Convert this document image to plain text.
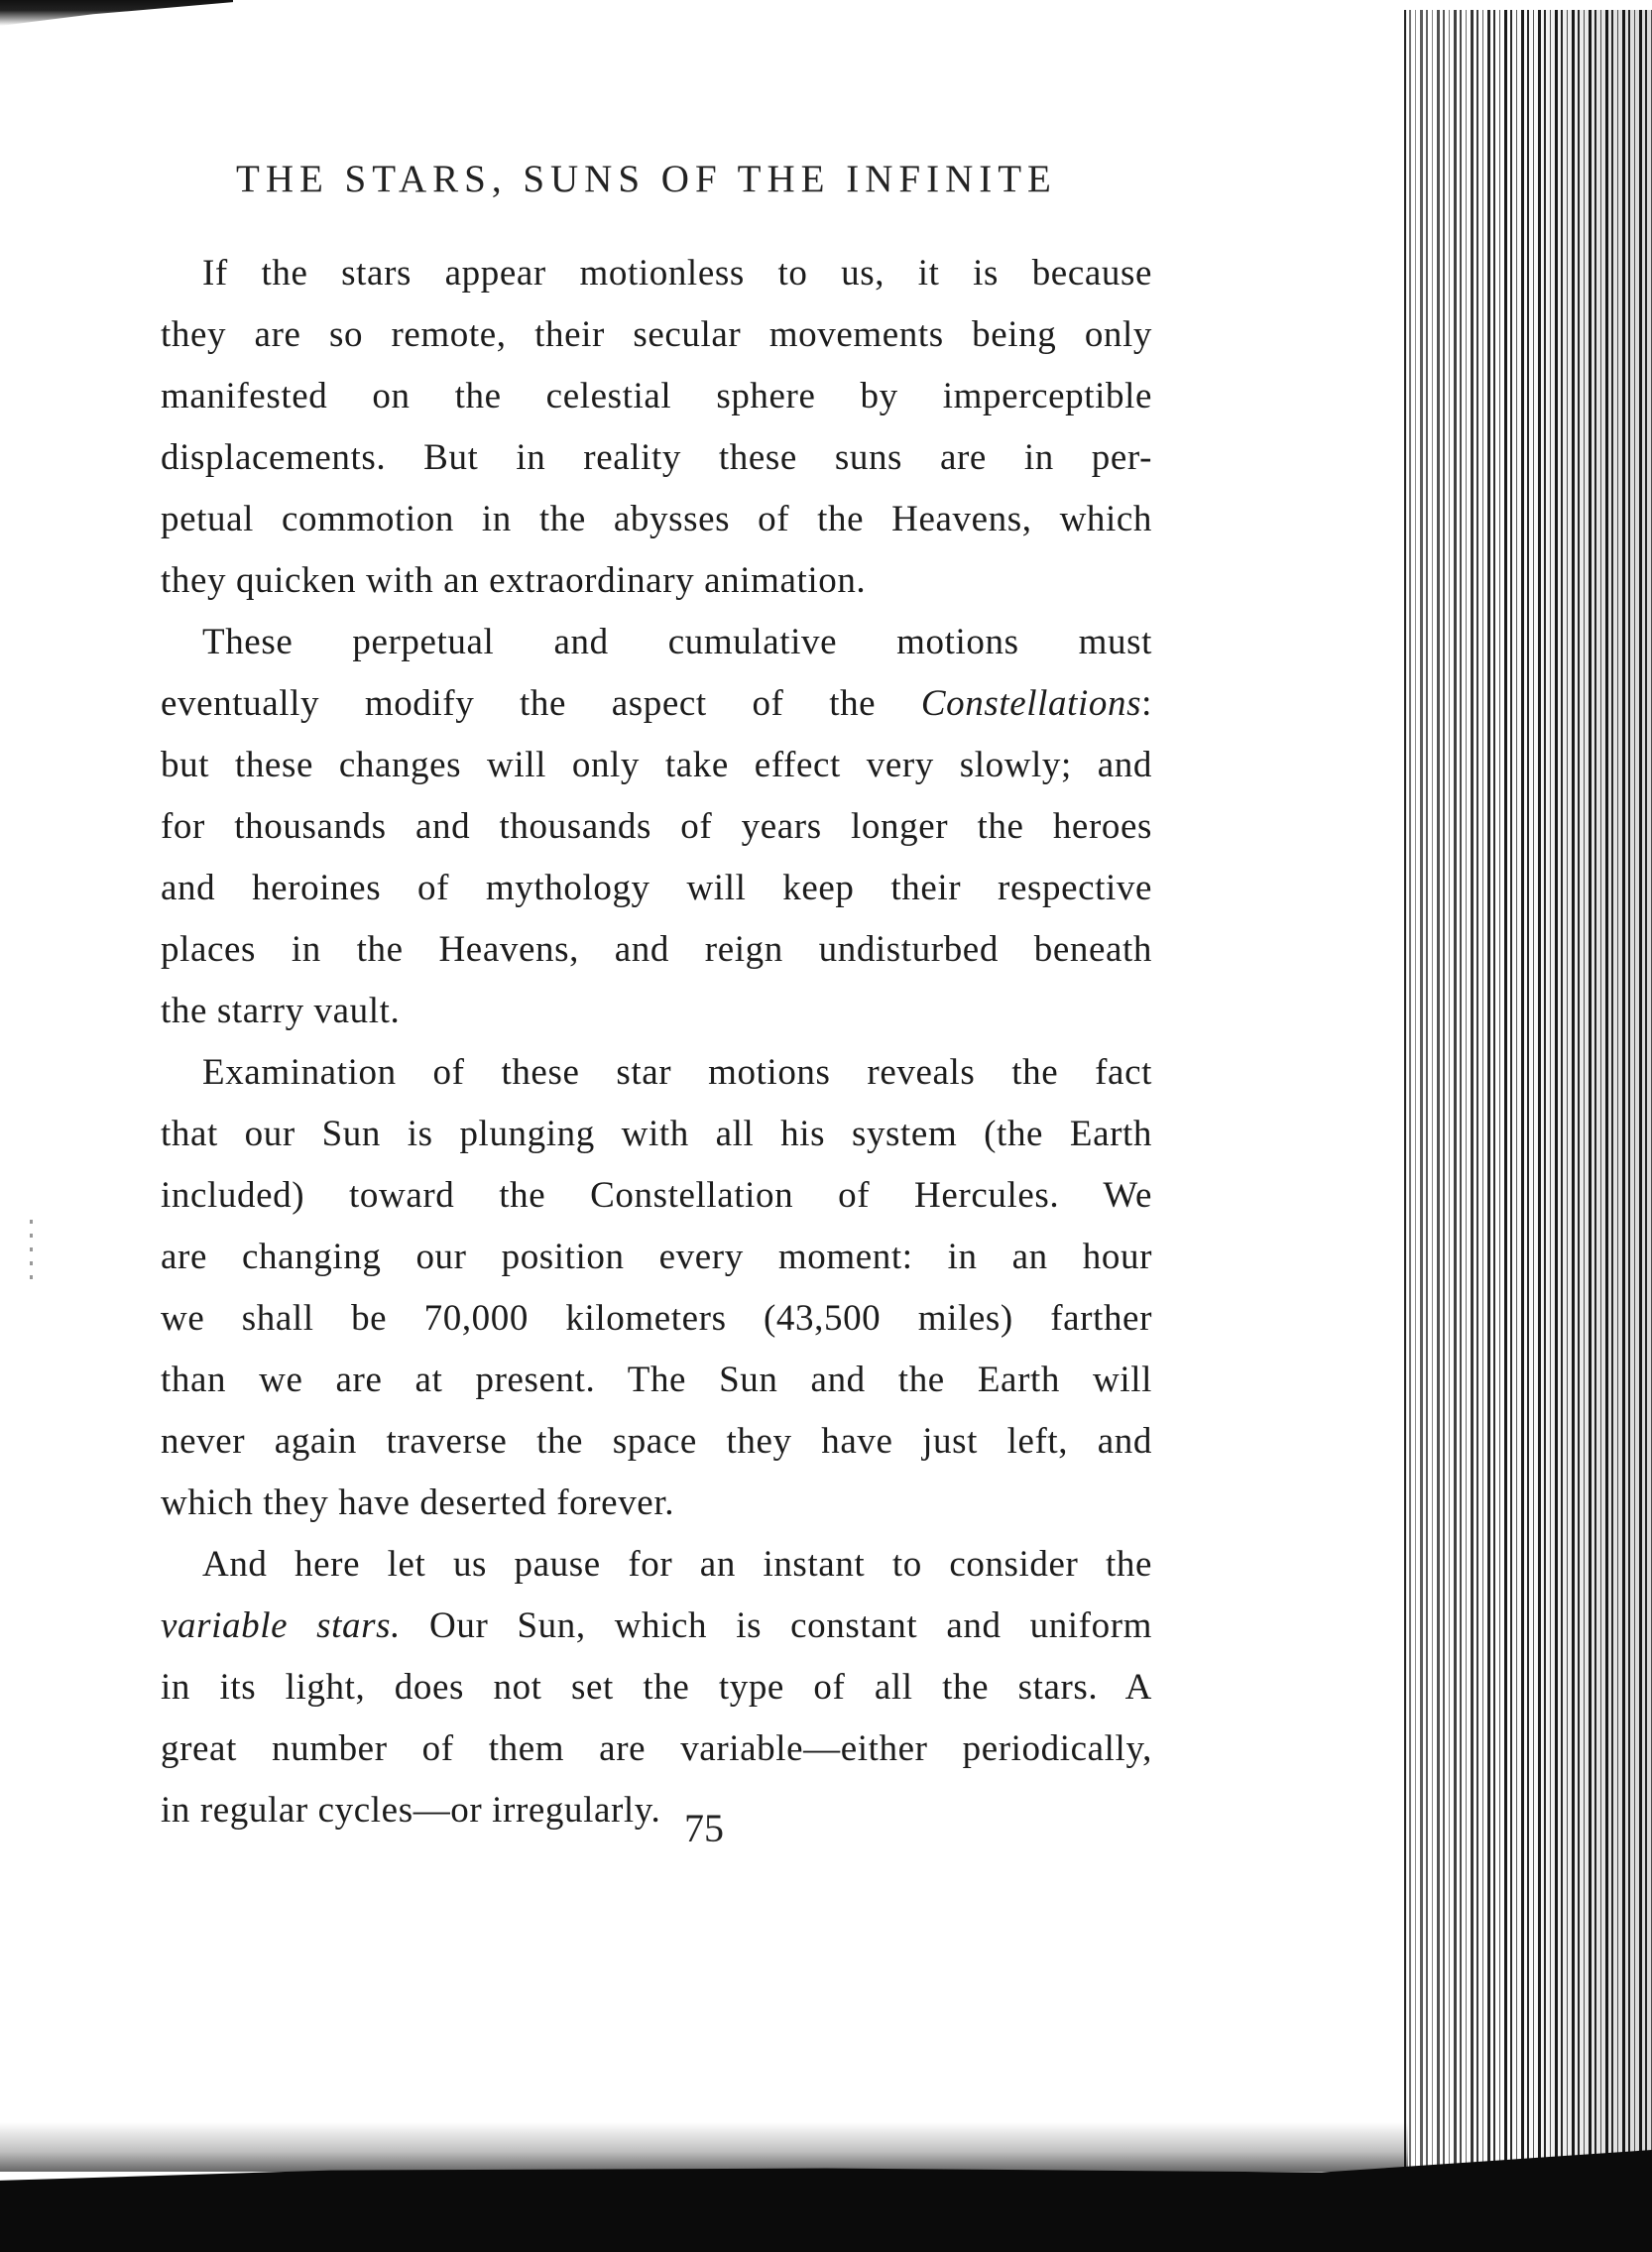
THE STARS, SUNS OF THE INFINITE
If the stars appear motionless to us, it is because
they are so remote, their secular movements being only
manifested on the celestial sphere by imperceptible
displacements. But in reality these suns are in per-
petual commotion in the abysses of the Heavens, which
they quicken with an extraordinary animation.
These perpetual and cumulative motions must
eventually modify the aspect of the Constellations:
but these changes will only take effect very slowly; and
for thousands and thousands of years longer the heroes
and heroines of mythology will keep their respective
places in the Heavens, and reign undisturbed beneath
the starry vault.
Examination of these star motions reveals the fact
that our Sun is plunging with all his system (the Earth
included) toward the Constellation of Hercules. We
are changing our position every moment: in an hour
we shall be 70,000 kilometers (43,500 miles) farther
than we are at present. The Sun and the Earth will
never again traverse the space they have just left, and
which they have deserted forever.
And here let us pause for an instant to consider the
variable stars. Our Sun, which is constant and uniform
in its light, does not set the type of all the stars. A
great number of them are variable—either periodically,
in regular cycles—or irregularly. 75
